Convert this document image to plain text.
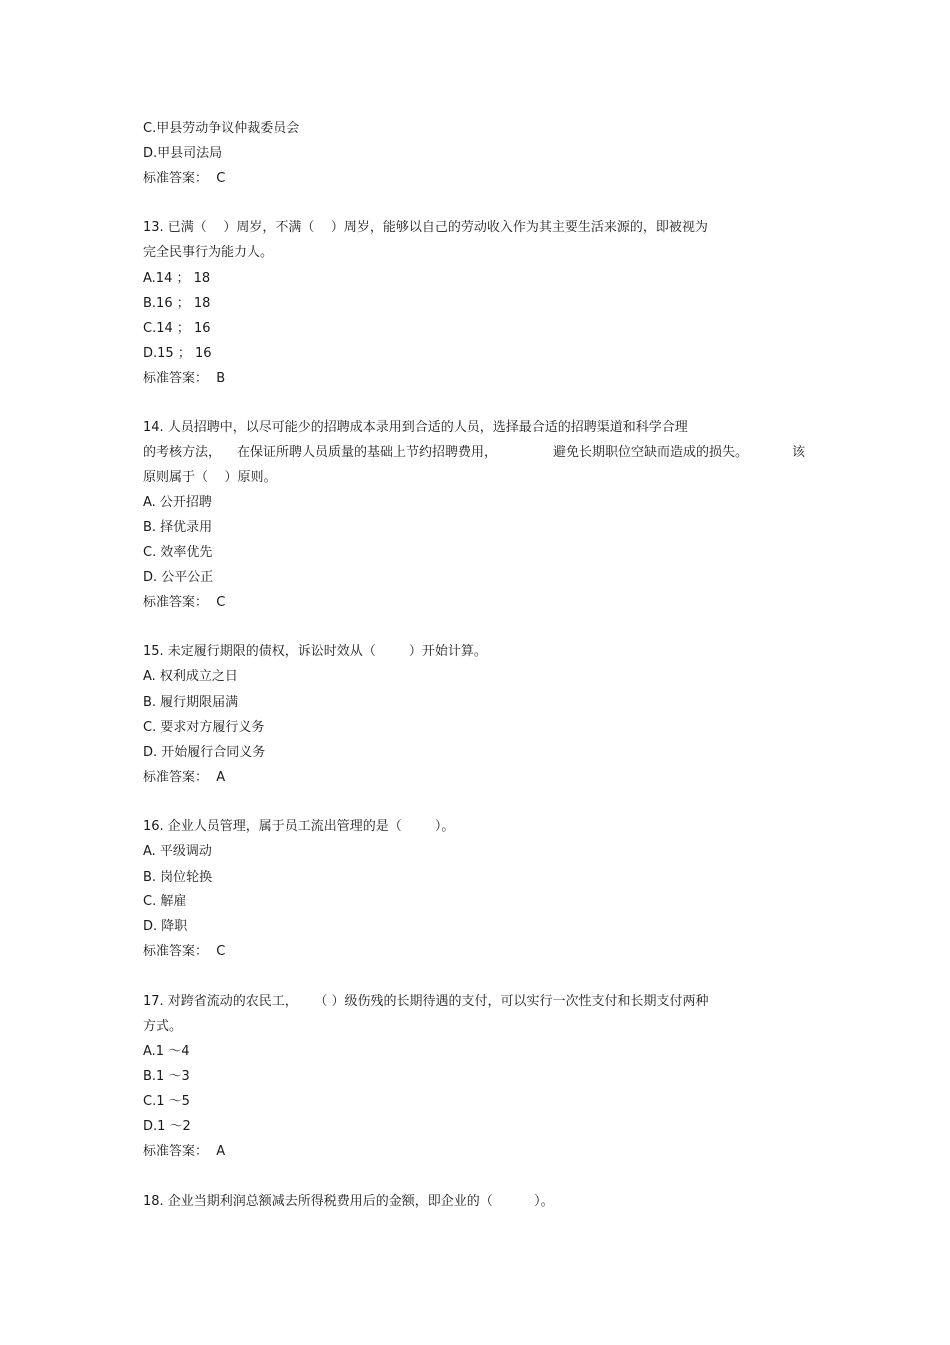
C.甲县劳动争议仲裁委员会

D.甲县司法局

标准答案：  C

13. 已满（    ）周岁，不满（    ）周岁，能够以自己的劳动收入作为其主要生活来源的，即被视为

完全民事行为能力人。

A.14 ； 18

B.16 ； 18

C.14 ； 16

D.15 ； 16

标准答案：  B

14. 人员招聘中，以尽可能少的招聘成本录用到合适的人员，选择最合适的招聘渠道和科学合理

的考核方法， 在保证所聘人员质量的基础上节约招聘费用，	避免长期职位空缺而造成的损失。	该

原则属于（    ）原则。

A. 公开招聘

B. 择优录用

C. 效率优先

D. 公平公正

标准答案：  C

15. 未定履行期限的债权，诉讼时效从（        ）开始计算。

A. 权利成立之日

B. 履行期限届满

C. 要求对方履行义务

D. 开始履行合同义务

标准答案：  A

16. 企业人员管理，属于员工流出管理的是（        ）。

A. 平级调动

B. 岗位轮换

C. 解雇

D. 降职

标准答案：  C

17. 对跨省流动的农民工，    （ ）级伤残的长期待遇的支付，可以实行一次性支付和长期支付两种

方式。

A.1 ～4

B.1 ～3

C.1 ～5

D.1 ～2

标准答案：  A

18. 企业当期利润总额减去所得税费用后的金额，即企业的（          ）。
